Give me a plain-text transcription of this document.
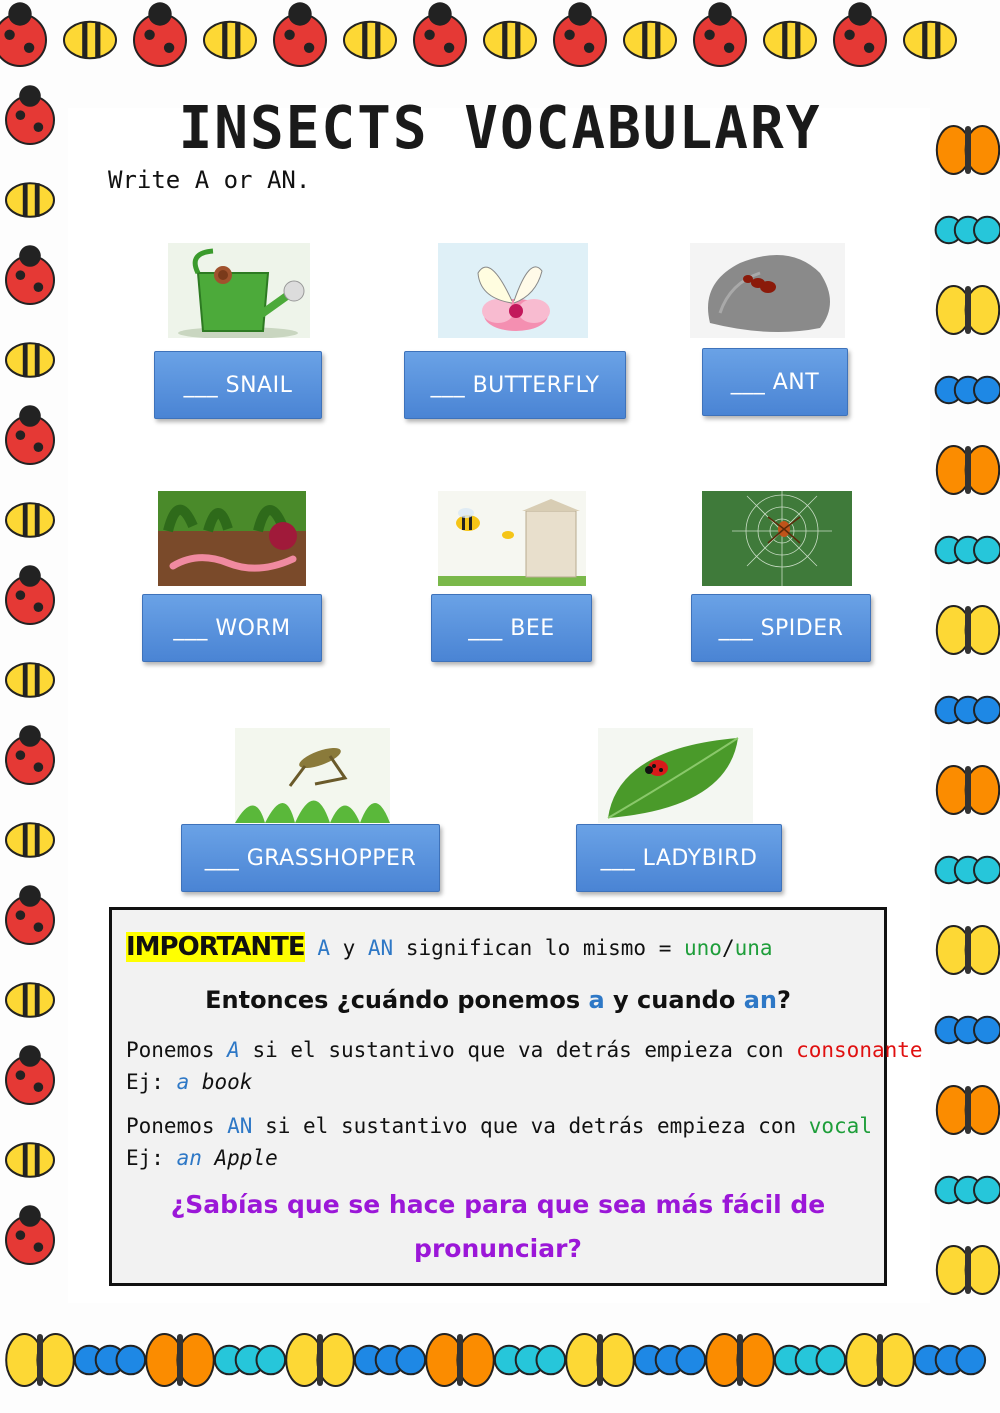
INSECTS VOCABULARY
Write A or AN.
___ SNAIL	___ BUTTERFLY	___ ANT
___ WORM	___ BEE	___ SPIDER
___ GRASSHOPPER	___ LADYBIRD
IMPORTANTE A y AN significan lo mismo = uno/una
Entonces ¿cuándo ponemos a y cuando an?
Ponemos A si el sustantivo que va detrás empieza con consonante
Ej: a book
Ponemos AN si el sustantivo que va detrás empieza con vocal
Ej: an Apple
¿Sabías que se hace para que sea más fácil de
pronunciar?
